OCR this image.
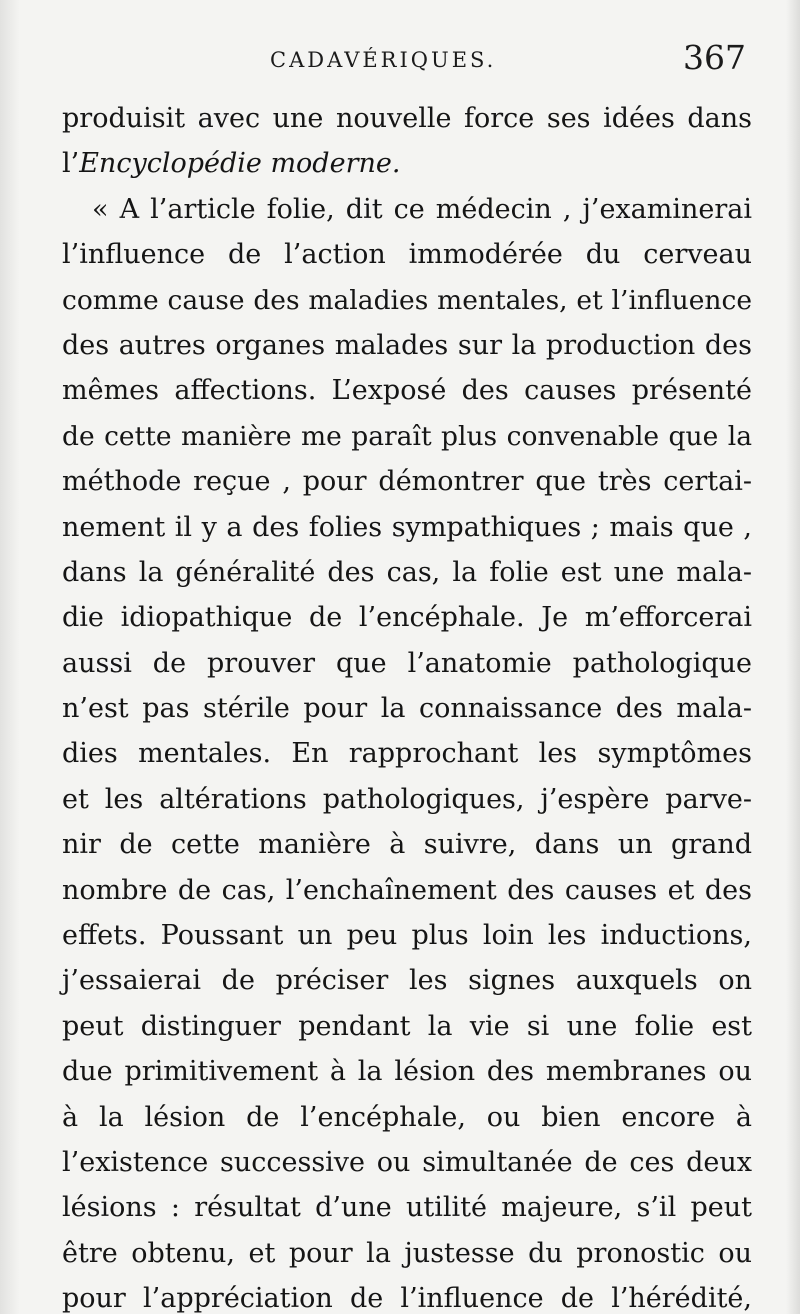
CADAVÉRIQUES.	367
produisit avec une nouvelle force ses idées dans
l’Encyclopédie moderne.
« A l’article folie, dit ce médecin , j’examinerai
l’influence de l’action immodérée du cerveau
comme cause des maladies mentales, et l’influence
des autres organes malades sur la production des
mêmes affections. L’exposé des causes présenté
de cette manière me paraît plus convenable que la
méthode reçue , pour démontrer que très certai-
nement il y a des folies sympathiques ; mais que ,
dans la généralité des cas, la folie est une mala-
die idiopathique de l’encéphale. Je m’efforcerai
aussi de prouver que l’anatomie pathologique
n’est pas stérile pour la connaissance des mala-
dies mentales. En rapprochant les symptômes
et les altérations pathologiques, j’espère parve-
nir de cette manière à suivre, dans un grand
nombre de cas, l’enchaînement des causes et des
effets. Poussant un peu plus loin les inductions,
j’essaierai de préciser les signes auxquels on
peut distinguer pendant la vie si une folie est
due primitivement à la lésion des membranes ou
à la lésion de l’encéphale, ou bien encore à
l’existence successive ou simultanée de ces deux
lésions : résultat d’une utilité majeure, s’il peut
être obtenu, et pour la justesse du pronostic ou
pour l’appréciation de l’influence de l’hérédité,
